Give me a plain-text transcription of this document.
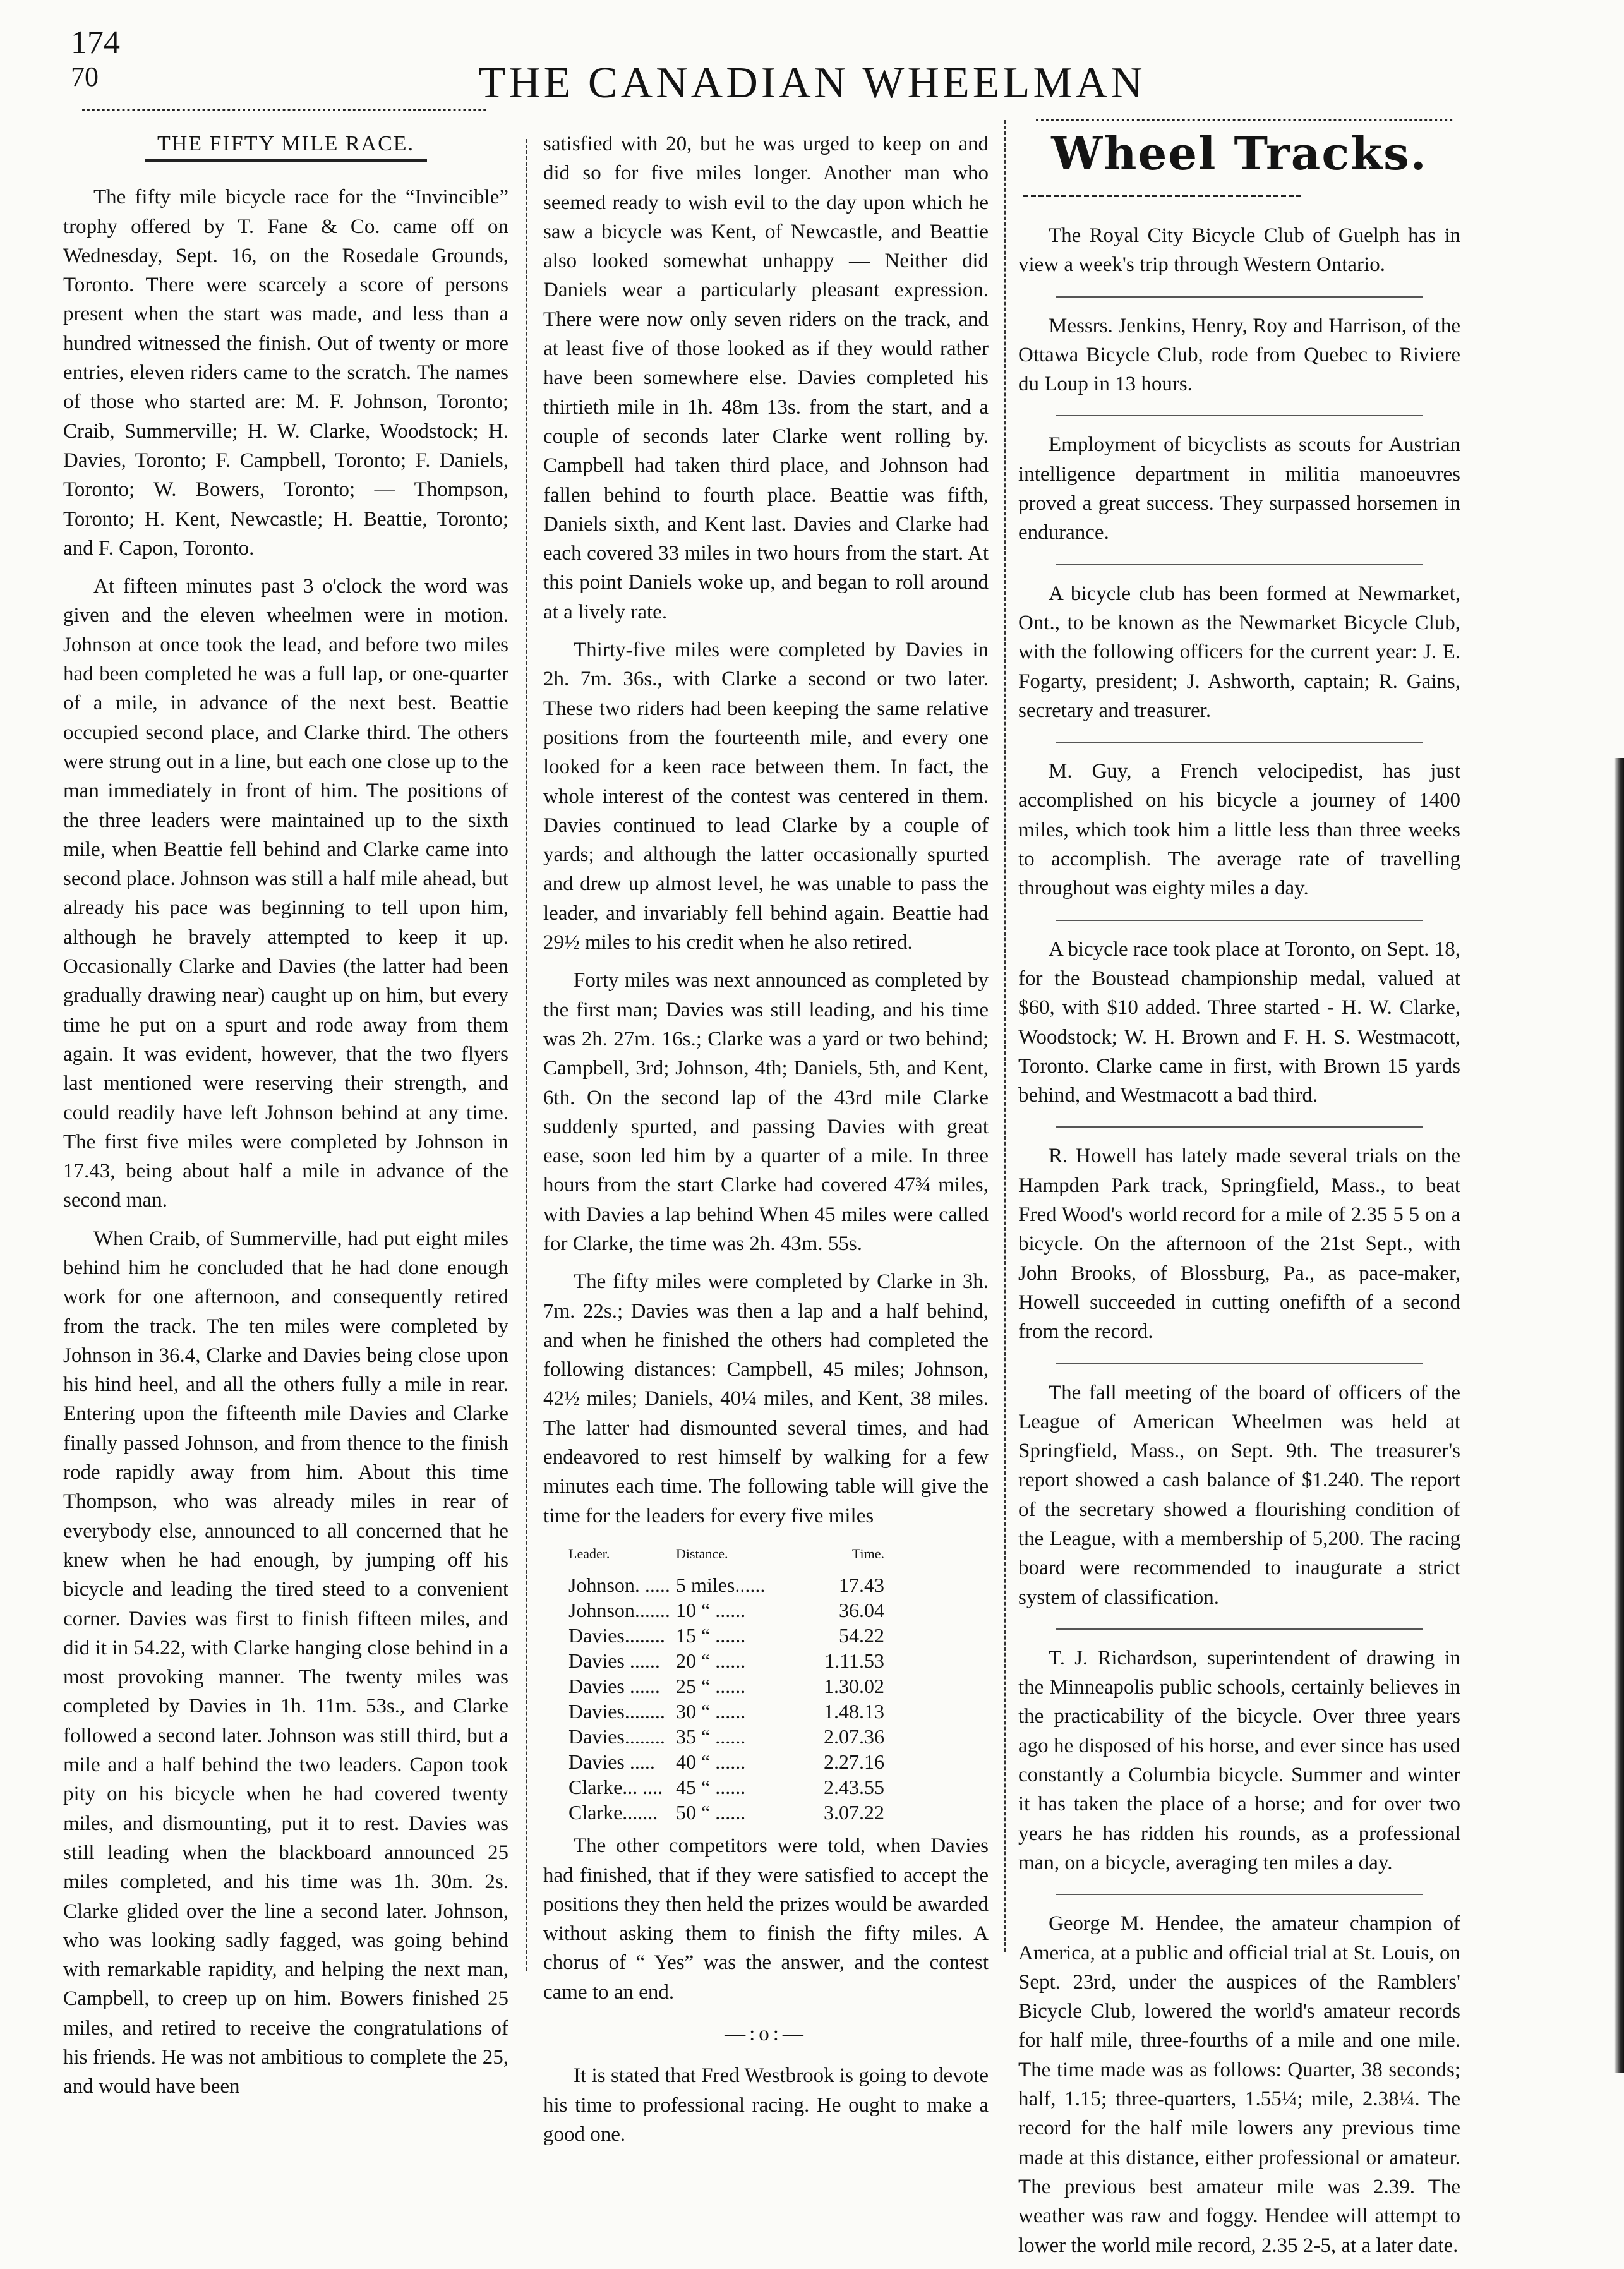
174
70	THE CANADIAN WHEELMAN
THE FIFTY MILE RACE.

The fifty mile bicycle race for the “Invincible” trophy offered by T. Fane & Co. came off on Wednesday, Sept. 16, on the Rosedale Grounds, Toronto. There were scarcely a score of persons present when the start was made, and less than a hundred witnessed the finish. Out of twenty or more entries, eleven riders came to the scratch. The names of those who started are: M. F. Johnson, Toronto; Craib, Summerville; H. W. Clarke, Woodstock; H. Davies, Toronto; F. Campbell, Toronto; F. Daniels, Toronto; W. Bowers, Toronto; — Thompson, Toronto; H. Kent, Newcastle; H. Beattie, Toronto; and F. Capon, Toronto.

At fifteen minutes past 3 o'clock the word was given and the eleven wheelmen were in motion. Johnson at once took the lead, and before two miles had been completed he was a full lap, or one-quarter of a mile, in advance of the next best. Beattie occupied second place, and Clarke third. The others were strung out in a line, but each one close up to the man immediately in front of him. The positions of the three leaders were maintained up to the sixth mile, when Beattie fell behind and Clarke came into second place. Johnson was still a half mile ahead, but already his pace was beginning to tell upon him, although he bravely attempted to keep it up. Occasionally Clarke and Davies (the latter had been gradually drawing near) caught up on him, but every time he put on a spurt and rode away from them again. It was evident, however, that the two flyers last mentioned were reserving their strength, and could readily have left Johnson behind at any time. The first five miles were completed by Johnson in 17.43, being about half a mile in advance of the second man.

When Craib, of Summerville, had put eight miles behind him he concluded that he had done enough work for one afternoon, and consequently retired from the track. The ten miles were completed by Johnson in 36.4, Clarke and Davies being close upon his hind heel, and all the others fully a mile in rear. Entering upon the fifteenth mile Davies and Clarke finally passed Johnson, and from thence to the finish rode rapidly away from him. About this time Thompson, who was already miles in rear of everybody else, announced to all concerned that he knew when he had enough, by jumping off his bicycle and leading the tired steed to a convenient corner. Davies was first to finish fifteen miles, and did it in 54.22, with Clarke hanging close behind in a most provoking manner. The twenty miles was completed by Davies in 1h. 11m. 53s., and Clarke followed a second later. Johnson was still third, but a mile and a half behind the two leaders. Capon took pity on his bicycle when he had covered twenty miles, and dismounting, put it to rest. Davies was still leading when the blackboard announced 25 miles completed, and his time was 1h. 30m. 2s. Clarke glided over the line a second later. Johnson, who was looking sadly fagged, was going behind with remarkable rapidity, and helping the next man, Campbell, to creep up on him. Bowers finished 25 miles, and retired to receive the congratulations of his friends. He was not ambitious to complete the 25, and would have been

satisfied with 20, but he was urged to keep on and did so for five miles longer. Another man who seemed ready to wish evil to the day upon which he saw a bicycle was Kent, of Newcastle, and Beattie also looked somewhat unhappy — Neither did Daniels wear a particularly pleasant expression. There were now only seven riders on the track, and at least five of those looked as if they would rather have been somewhere else. Davies completed his thirtieth mile in 1h. 48m 13s. from the start, and a couple of seconds later Clarke went rolling by. Campbell had taken third place, and Johnson had fallen behind to fourth place. Beattie was fifth, Daniels sixth, and Kent last. Davies and Clarke had each covered 33 miles in two hours from the start. At this point Daniels woke up, and began to roll around at a lively rate.

Thirty-five miles were completed by Davies in 2h. 7m. 36s., with Clarke a second or two later. These two riders had been keeping the same relative positions from the fourteenth mile, and every one looked for a keen race between them. In fact, the whole interest of the contest was centered in them. Davies continued to lead Clarke by a couple of yards; and although the latter occasionally spurted and drew up almost level, he was unable to pass the leader, and invariably fell behind again. Beattie had 29½ miles to his credit when he also retired.

Forty miles was next announced as completed by the first man; Davies was still leading, and his time was 2h. 27m. 16s.; Clarke was a yard or two behind; Campbell, 3rd; Johnson, 4th; Daniels, 5th, and Kent, 6th. On the second lap of the 43rd mile Clarke suddenly spurted, and passing Davies with great ease, soon led him by a quarter of a mile. In three hours from the start Clarke had covered 47¾ miles, with Davies a lap behind When 45 miles were called for Clarke, the time was 2h. 43m. 55s.

The fifty miles were completed by Clarke in 3h. 7m. 22s.; Davies was then a lap and a half behind, and when he finished the others had completed the following distances: Campbell, 45 miles; Johnson, 42½ miles; Daniels, 40¼ miles, and Kent, 38 miles. The latter had dismounted several times, and had endeavored to rest himself by walking for a few minutes each time. The following table will give the time for the leaders for every five miles

Leader.	Distance.	Time.
Johnson. .....	5 miles......	17.43
Johnson.......	10 “ ......	36.04
Davies........	15 “ ......	54.22
Davies ......	20 “ ......	1.11.53
Davies ......	25 “ ......	1.30.02
Davies........	30 “ ......	1.48.13
Davies........	35 “ ......	2.07.36
Davies .....	40 “ ......	2.27.16
Clarke... ....	45 “ ......	2.43.55
Clarke.......	50 “ ......	3.07.22

The other competitors were told, when Davies had finished, that if they were satisfied to accept the positions they then held the prizes would be awarded without asking them to finish the fifty miles. A chorus of “ Yes” was the answer, and the contest came to an end.

—:o:—

It is stated that Fred Westbrook is going to devote his time to professional racing. He ought to make a good one.

Wheel Tracks.

The Royal City Bicycle Club of Guelph has in view a week's trip through Western Ontario.

Messrs. Jenkins, Henry, Roy and Harrison, of the Ottawa Bicycle Club, rode from Quebec to Riviere du Loup in 13 hours.

Employment of bicyclists as scouts for Austrian intelligence department in militia manoeuvres proved a great success. They surpassed horsemen in endurance.

A bicycle club has been formed at Newmarket, Ont., to be known as the Newmarket Bicycle Club, with the following officers for the current year: J. E. Fogarty, president; J. Ashworth, captain; R. Gains, secretary and treasurer.

M. Guy, a French velocipedist, has just accomplished on his bicycle a journey of 1400 miles, which took him a little less than three weeks to accomplish. The average rate of travelling throughout was eighty miles a day.

A bicycle race took place at Toronto, on Sept. 18, for the Boustead championship medal, valued at $60, with $10 added. Three started - H. W. Clarke, Woodstock; W. H. Brown and F. H. S. Westmacott, Toronto. Clarke came in first, with Brown 15 yards behind, and Westmacott a bad third.

R. Howell has lately made several trials on the Hampden Park track, Springfield, Mass., to beat Fred Wood's world record for a mile of 2.35 5 5 on a bicycle. On the afternoon of the 21st Sept., with John Brooks, of Blossburg, Pa., as pace-maker, Howell succeeded in cutting onefifth of a second from the record.

The fall meeting of the board of officers of the League of American Wheelmen was held at Springfield, Mass., on Sept. 9th. The treasurer's report showed a cash balance of $1.240. The report of the secretary showed a flourishing condition of the League, with a membership of 5,200. The racing board were recommended to inaugurate a strict system of classification.

T. J. Richardson, superintendent of drawing in the Minneapolis public schools, certainly believes in the practicability of the bicycle. Over three years ago he disposed of his horse, and ever since has used constantly a Columbia bicycle. Summer and winter it has taken the place of a horse; and for over two years he has ridden his rounds, as a professional man, on a bicycle, averaging ten miles a day.

George M. Hendee, the amateur champion of America, at a public and official trial at St. Louis, on Sept. 23rd, under the auspices of the Ramblers' Bicycle Club, lowered the world's amateur records for half mile, three-fourths of a mile and one mile. The time made was as follows: Quarter, 38 seconds; half, 1.15; three-quarters, 1.55¼; mile, 2.38¼. The record for the half mile lowers any previous time made at this distance, either professional or amateur. The previous best amateur mile was 2.39. The weather was raw and foggy. Hendee will attempt to lower the world mile record, 2.35 2-5, at a later date.
